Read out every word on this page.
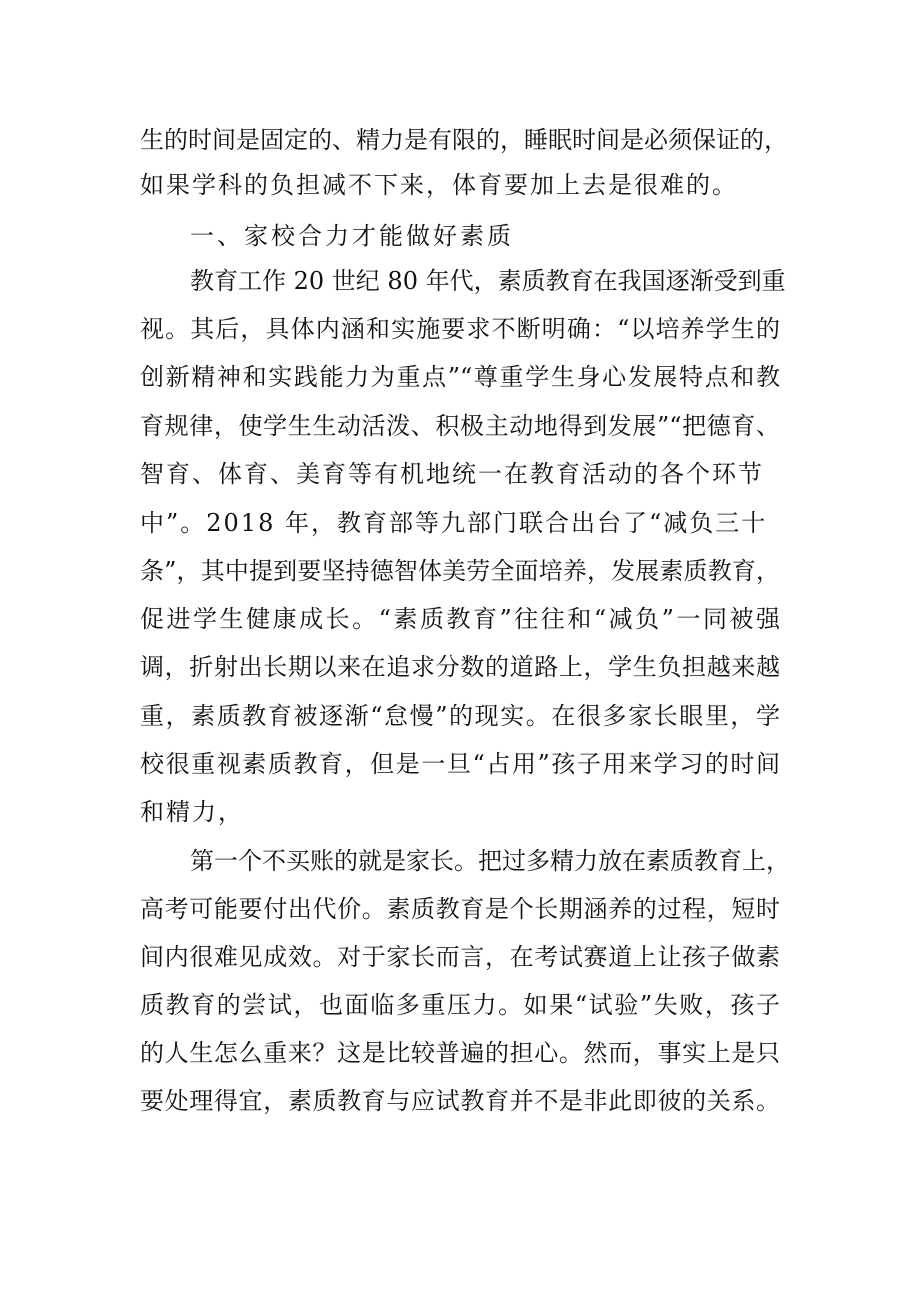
生的时间是固定的、精力是有限的，睡眠时间是必须保证的，
如果学科的负担减不下来，体育要加上去是很难的。
一、家校合力才能做好素质
教育工作 20 世纪 80 年代，素质教育在我国逐渐受到重
视。其后，具体内涵和实施要求不断明确：“以培养学生的
创新精神和实践能力为重点”“尊重学生身心发展特点和教
育规律，使学生生动活泼、积极主动地得到发展”“把德育、
智育、体育、美育等有机地统一在教育活动的各个环节
中”。2018 年，教育部等九部门联合出台了“减负三十
条”，其中提到要坚持德智体美劳全面培养，发展素质教育，
促进学生健康成长。“素质教育”往往和“减负”一同被强
调，折射出长期以来在追求分数的道路上，学生负担越来越
重，素质教育被逐渐“怠慢”的现实。在很多家长眼里，学
校很重视素质教育，但是一旦“占用”孩子用来学习的时间
和精力，
第一个不买账的就是家长。把过多精力放在素质教育上，
高考可能要付出代价。素质教育是个长期涵养的过程，短时
间内很难见成效。对于家长而言，在考试赛道上让孩子做素
质教育的尝试，也面临多重压力。如果“试验”失败，孩子
的人生怎么重来？这是比较普遍的担心。然而，事实上是只
要处理得宜，素质教育与应试教育并不是非此即彼的关系。
